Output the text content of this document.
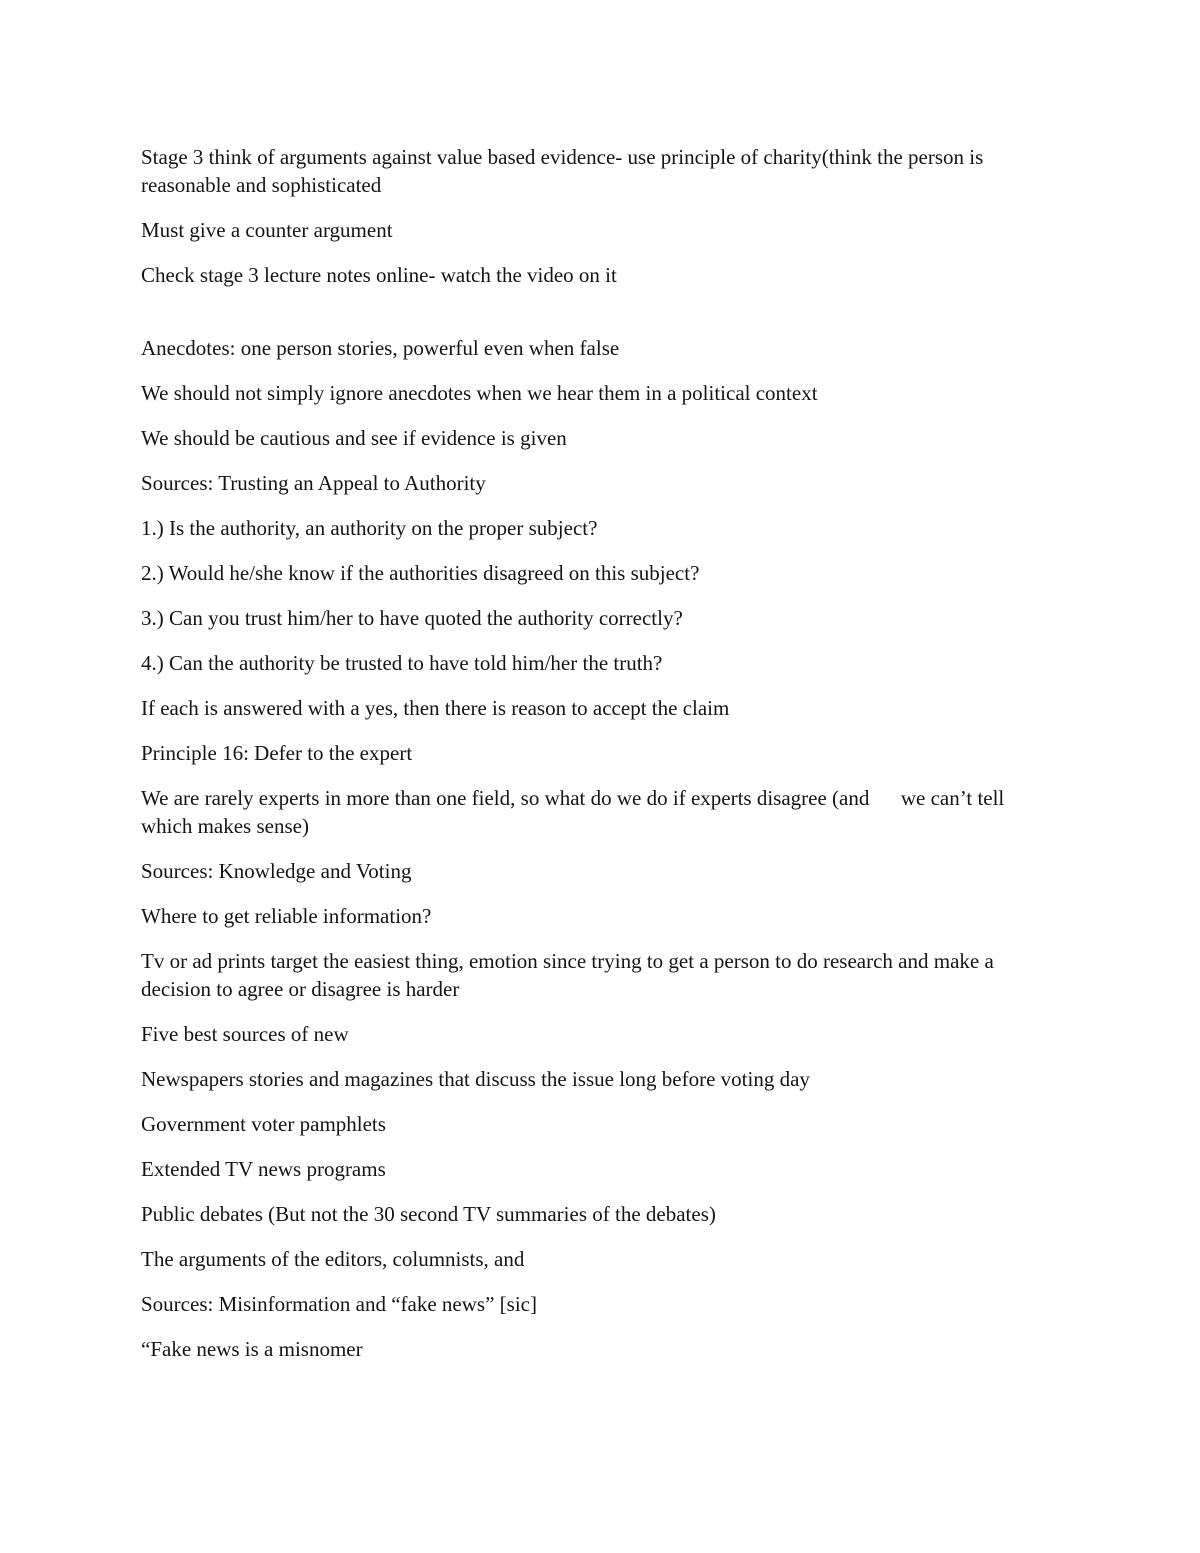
Stage 3 think of arguments against value based evidence- use principle of charity(think the person is reasonable and sophisticated

Must give a counter argument

Check stage 3 lecture notes online- watch the video on it

Anecdotes: one person stories, powerful even when false

We should not simply ignore anecdotes when we hear them in a political context

We should be cautious and see if evidence is given

Sources: Trusting an Appeal to Authority

1.) Is the authority, an authority on the proper subject?

2.) Would he/she know if the authorities disagreed on this subject?

3.) Can you trust him/her to have quoted the authority correctly?

4.) Can the authority be trusted to have told him/her the truth?

If each is answered with a yes, then there is reason to accept the claim

Principle 16: Defer to the expert

We are rarely experts in more than one field, so what do we do if experts disagree (and      we can’t tell which makes sense)

Sources: Knowledge and Voting

Where to get reliable information?

Tv or ad prints target the easiest thing, emotion since trying to get a person to do research and make a decision to agree or disagree is harder

Five best sources of new

Newspapers stories and magazines that discuss the issue long before voting day

Government voter pamphlets

Extended TV news programs

Public debates (But not the 30 second TV summaries of the debates)

The arguments of the editors, columnists, and

Sources: Misinformation and “fake news” [sic]

“Fake news is a misnomer
